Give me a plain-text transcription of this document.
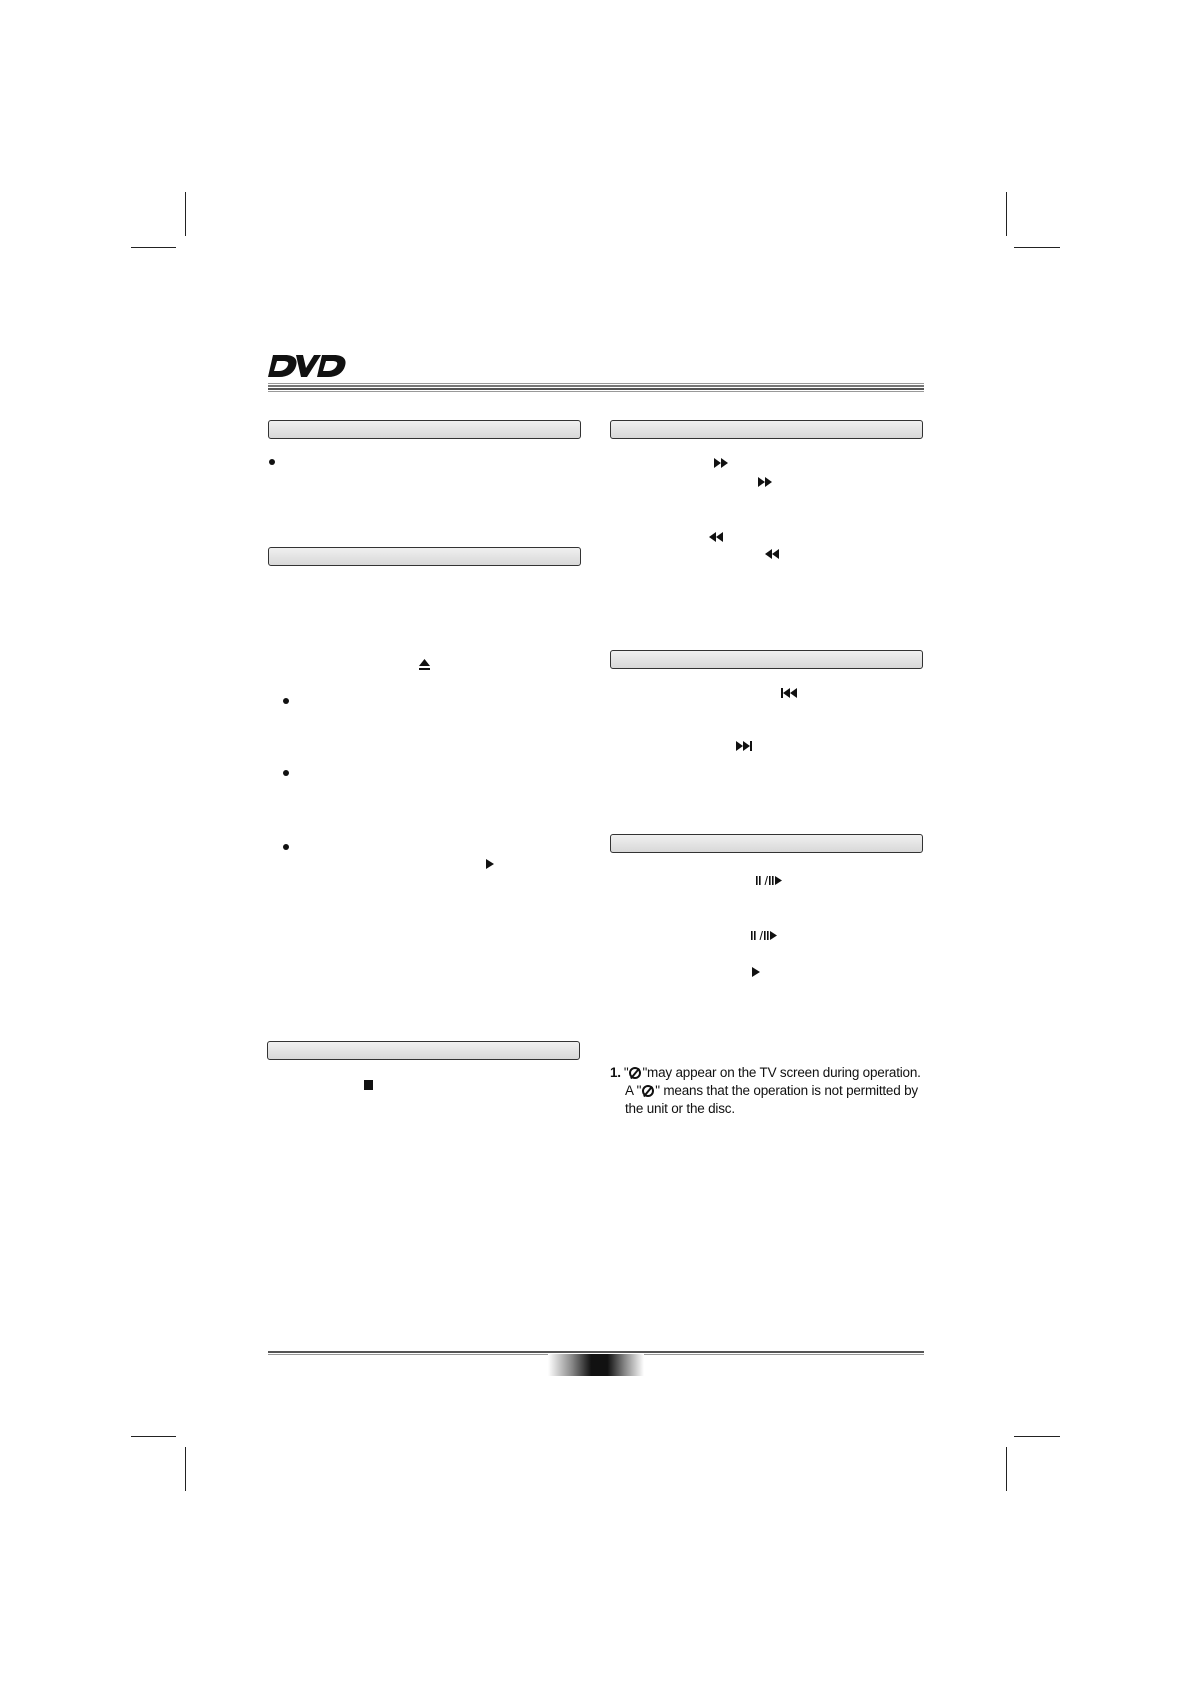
1. " "may appear on the TV screen during operation.
A " " means that the operation is not permitted by
the unit or the disc.
